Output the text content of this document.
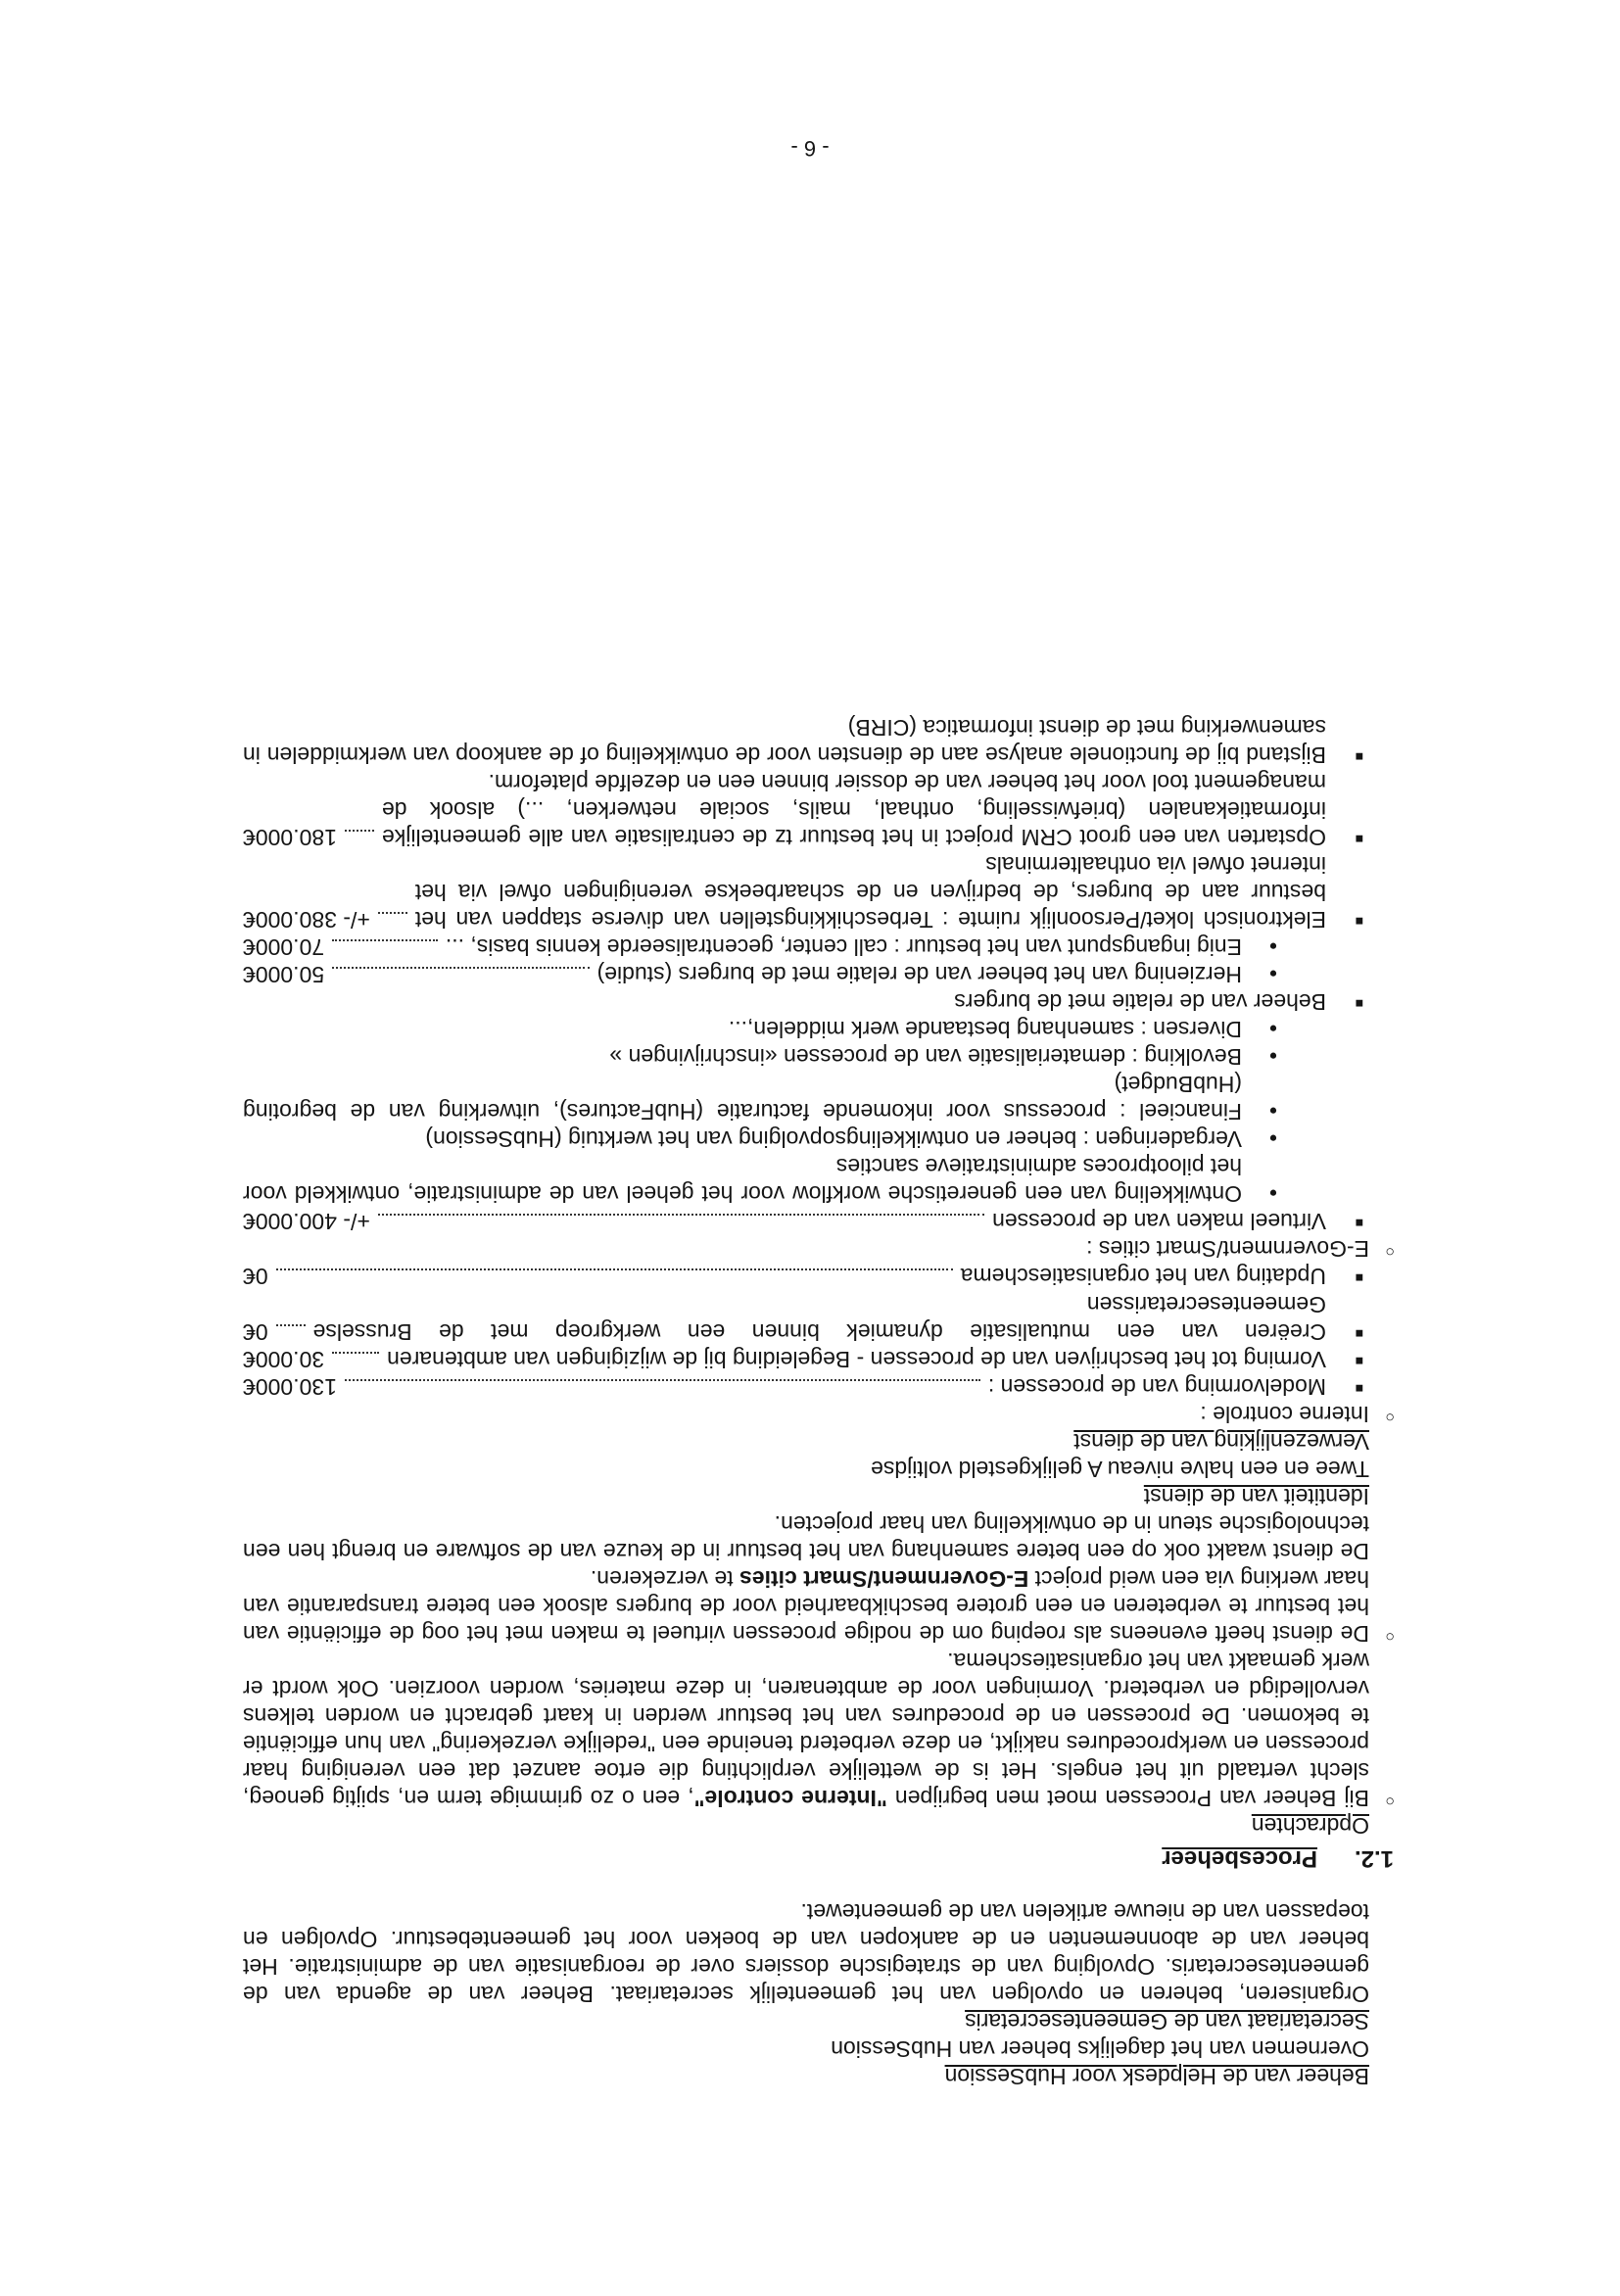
Beheer van de Helpdesk voor HubSession

Overnemen van het dagelijks beheer van HubSession

Secretariaat van de Gemeentesecretaris

Organiseren, beheren en opvolgen van het gemeentelijk secretariaat. Beheer van de agenda van de gemeentesecretaris. Opvolging van de strategische dossiers over de reorganisatie van de administratie. Het beheer van de abonnementen en de aankopen van de boeken voor het gemeentebestuur. Opvolgen en toepassen van de nieuwe artikelen van de gemeentewet.

1.2.Procesbeheer

Opdrachten

○
Bij Beheer van Processen moet men begrijpen "Interne controle", een o zo grimmige term en, spijtig genoeg, slecht vertaald uit het engels. Het is de wettelijke verplichting die ertoe aanzet dat een vereniging haar processen en werkprocedures nakijkt, en deze verbeterd teneinde een "redelijke verzekering" van hun efficiëntie te bekomen. De processen en de procedures van het bestuur werden in kaart gebracht en worden telkens vervolledigd en verbeterd. Vormingen voor de ambtenaren, in deze materies, worden voorzien. Ook wordt er werk gemaakt van het organisatieschema.

○
De dienst heeft eveneens als roeping om de nodige processen virtueel te maken met het oog de efficiëntie van het bestuur te verbeteren en een grotere beschikbaarheid voor de burgers alsook een betere transparantie van haar werking via een weid project E-Government/Smart cities te verzekeren.

De dienst waakt ook op een betere samenhang van het bestuur in de keuze van de software en brengt hen een technologische steun in de ontwikkeling van haar projecten.

Identiteit van de dienst

Twee en een halve niveau A gelijkgesteld voltijdse

Verwezenlijking van de dienst

○
Interne controle :

■
Modelvorming van de processen :
130.000€
■
Vorming tot het beschrijven van de processen - Begeleiding bij de wijzigingen van ambtenaren
30.000€
■
Creëren van een mutualisatie dynamiek binnen een werkgroep met de Brusselse Gemeentesecretarissen
0€
■
Updating van het organisatieschema
0€

○
E-Government/Smart cities :

■
Virtueel maken van de processen
+/- 400.000€
•
Ontwikkeling van een generetische workflow voor het geheel van de administratie, ontwikkeld voor het pilootproces administratieve sancties
•
Vergaderingen : beheer en ontwikkelingsopvolging van het werktuig (HubSession)
•
Financieel : processus voor inkomende facturatie (HubFactures), uitwerking van de begroting (HubBudget)
•
Bevolking : dematerialisatie van de processen «inschrijvingen »
•
Diversen : samenhang bestaande werk middelen,...
■
Beheer van de relatie met de burgers
•
Herziening van het beheer van de relatie met de burgers (studie)
50.000€
•
Enig ingangspunt van het bestuur : call center, gecentraliseerde kennis basis, ...
70.000€
■
Elektronisch loket/Persoonlijk ruimte : Terbeschikkingstellen van diverse stappen van het bestuur aan de burgers, de bedrijven en de schaarbeekse verenigingen ofwel via het internet ofwel via onthaalterminals
+/- 380.000€
■
Opstarten van een groot CRM project in het bestuur tz de centralisatie van alle gemeentelijke informatiekanalen (briefwisseling, onthaal, mails, sociale netwerken, ...) alsook de management tool voor het beheer van de dossier binnen een en dezelfde plateform.
180.000€
■
Bijstand bij de functionele analyse aan de diensten voor de ontwikkeling of de aankoop van werkmiddelen in samenwerking met de dienst informatica (CIRB)
- 6 -
